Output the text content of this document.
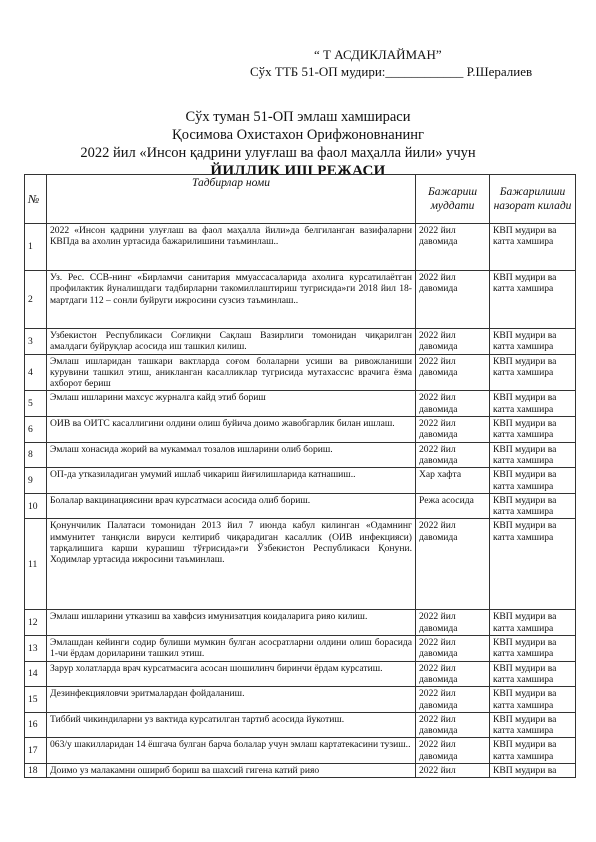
“ Т АСДИКЛАЙМАН”
Сўх ТТБ 51-ОП мудири:____________ Р.Шералиев
Сўх туман 51-ОП эмлаш хамшираси
Қосимова Охистахон Орифжоновнанинг
2022 йил «Инсон қадрини улуғлаш ва фаол маҳалла йили» учун
ЙИЛЛИК ИШ РЕЖАСИ
№	Тадбирлар номи	Бажариш муддати	Бажарилиши назорат килади
1	2022 «Инсон қадрини улуғлаш ва фаол маҳалла йили»да белгиланган вазифаларни КВПда ва ахолин уртасида бажарилишини таъминлаш..	2022 йил давомида	КВП мудири ва катта хамшира
2	Уз. Рес. ССВ-нинг «Бирламчи санитария ммуассасаларида ахолига курсатилаётган профилактик йуналишдаги тадбирларни такомиллаштириш тугрисида»ги 2018 йил 18-мартдаги 112 – сонли буйруги ижросини сузсиз таъминлаш..	2022 йил давомида	КВП мудири ва катта хамшира
3	Узбекистон Республикаси Соғлиқни Сақлаш Вазирлиги томонидан чиқарилган амалдаги буйруқлар асосида иш ташкил килиш.	2022 йил давомида	КВП мудири ва катта хамшира
4	Эмлаш ишларидан ташкари вактларда соғом болаларни усиши ва ривожланиши курувини ташкил этиш, аникланган касалликлар тугрисида мутахассис врачига ёзма ахборот бериш	2022 йил давомида	КВП мудири ва катта хамшира
5	Эмлаш ишларини махсус журналга кайд этиб бориш	2022 йил давомида	КВП мудири ва катта хамшира
6	ОИВ ва ОИТС касаллигини олдини олиш буйича доимо жавобгарлик билан ишлаш.	2022 йил давомида	КВП мудири ва катта хамшира
8	Эмлаш хонасида жорий ва мукаммал тозалов ишларини олиб бориш.	2022 йил давомида	КВП мудири ва катта хамшира
9	ОП-да утказиладиган умумий ишлаб чикариш йиғилишларида катнашиш..	Хар хафта	КВП мудири ва катта хамшира
10	Болалар вакцинациясини врач курсатмаси асосида олиб бориш.	Режа асосида	КВП мудири ва катта хамшира
11	Қонунчилик Палатаси томонидан 2013 йил 7 июнда кабул килинган «Одамнинг иммунитет танқисли вируси келтириб чиқарадиган касаллик (ОИВ инфекцияси) тарқалишига карши курашиш тўғрисида»ги Ўзбекистон Республикаси Қонуни. Ходимлар уртасида ижросини таъминлаш.	2022 йил давомида	КВП мудири ва катта хамшира
12	Эмлаш ишларини утказиш ва хавфсиз имунизатция коидаларига рияо килиш.	2022 йил давомида	КВП мудири ва катта хамшира
13	Эмлашдан кейинги содир булиши мумкин булган асосратларни олдини олиш борасида 1-чи ёрдам дориларини ташкил этиш.	2022 йил давомида	КВП мудири ва катта хамшира
14	Зарур холатларда врач курсатмасига асосан шошилинч биринчи ёрдам курсатиш.	2022 йил давомида	КВП мудири ва катта хамшира
15	Дезинфекцияловчи эритмалардан фойдаланиш.	2022 йил давомида	КВП мудири ва катта хамшира
16	Тиббий чикиндиларни уз вактида курсатилган тартиб асосида йукотиш.	2022 йил давомида	КВП мудири ва катта хамшира
17	063/у шакилларидан 14 ёшгача булган барча болалар учун эмлаш картатекасини тузиш..	2022 йил давомида	КВП мудири ва катта хамшира
18	Доимо уз малакамни ошириб бориш ва шахсий гигена катий рияо	2022 йил	КВП мудири ва
